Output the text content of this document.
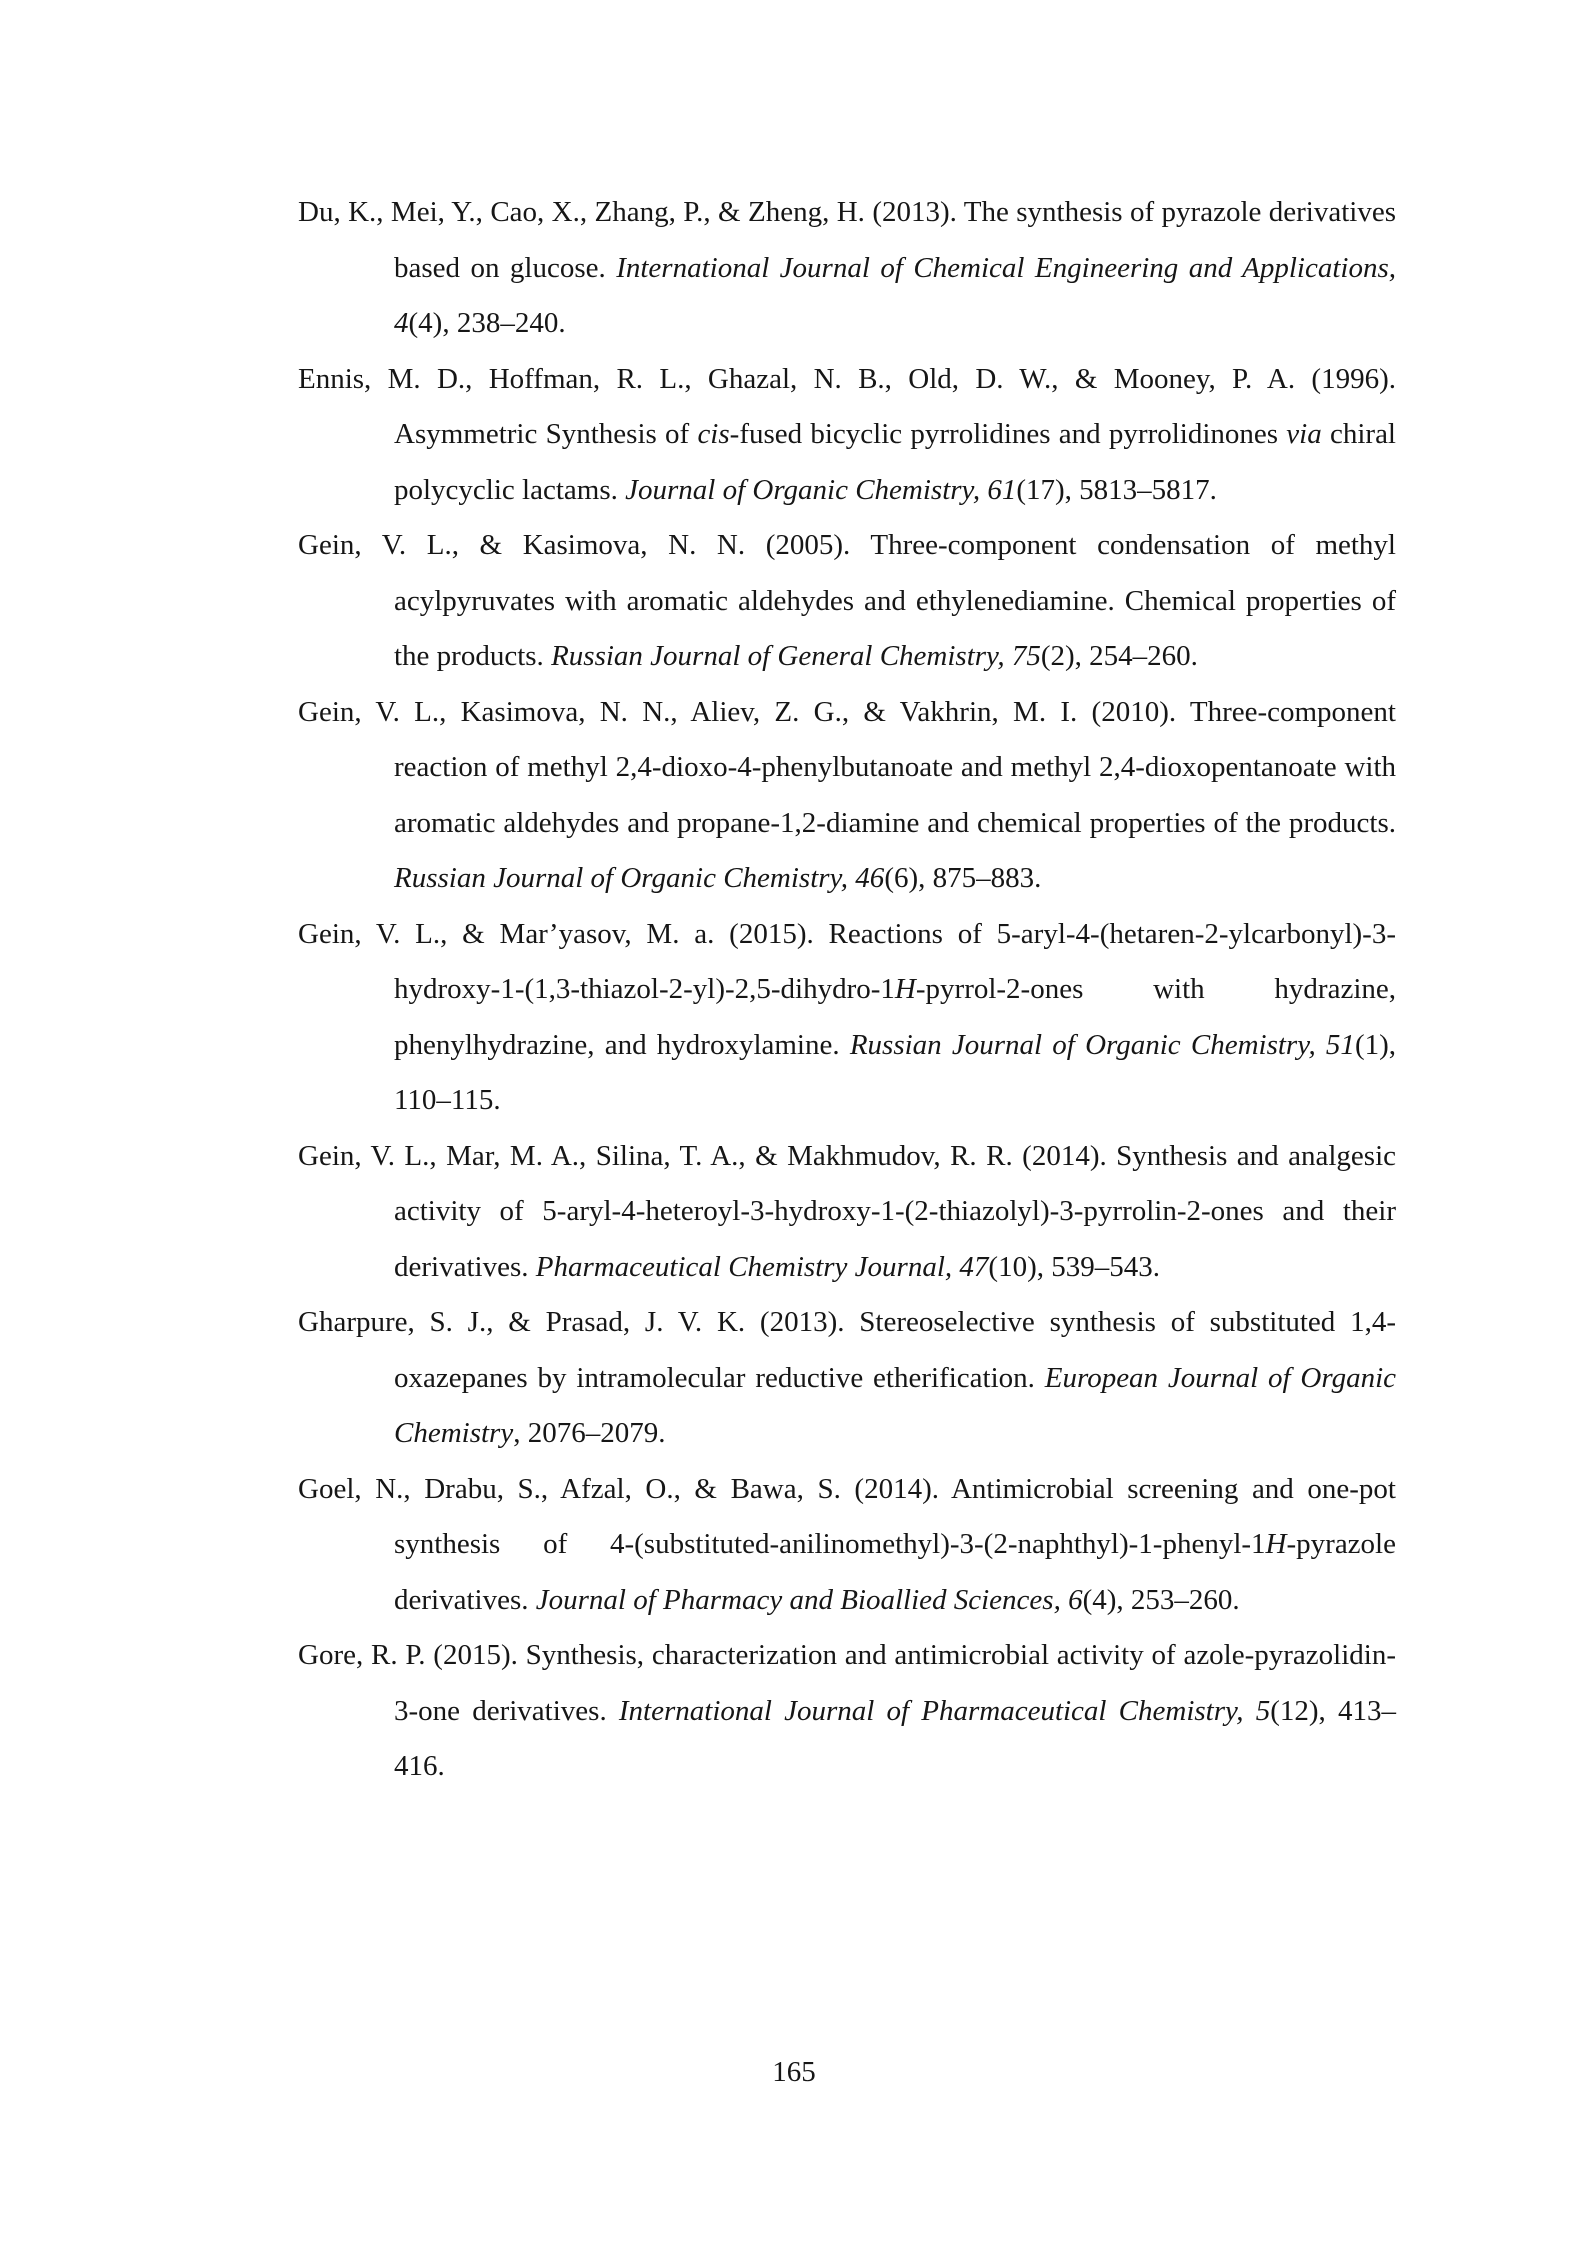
Du, K., Mei, Y., Cao, X., Zhang, P., & Zheng, H. (2013). The synthesis of pyrazole derivatives based on glucose. International Journal of Chemical Engineering and Applications, 4(4), 238–240.

Ennis, M. D., Hoffman, R. L., Ghazal, N. B., Old, D. W., & Mooney, P. A. (1996). Asymmetric Synthesis of cis-fused bicyclic pyrrolidines and pyrrolidinones via chiral polycyclic lactams. Journal of Organic Chemistry, 61(17), 5813–5817.

Gein, V. L., & Kasimova, N. N. (2005). Three-component condensation of methyl acylpyruvates with aromatic aldehydes and ethylenediamine. Chemical properties of the products. Russian Journal of General Chemistry, 75(2), 254–260.

Gein, V. L., Kasimova, N. N., Aliev, Z. G., & Vakhrin, M. I. (2010). Three-component reaction of methyl 2,4-dioxo-4-phenylbutanoate and methyl 2,4-dioxopentanoate with aromatic aldehydes and propane-1,2-diamine and chemical properties of the products. Russian Journal of Organic Chemistry, 46(6), 875–883.

Gein, V. L., & Mar’yasov, M. a. (2015). Reactions of 5-aryl-4-(hetaren-2-ylcarbonyl)-3-hydroxy-1-(1,3-thiazol-2-yl)-2,5-dihydro-1H-pyrrol-2-ones with hydrazine, phenylhydrazine, and hydroxylamine. Russian Journal of Organic Chemistry, 51(1), 110–115.

Gein, V. L., Mar, M. A., Silina, T. A., & Makhmudov, R. R. (2014). Synthesis and analgesic activity of 5-aryl-4-heteroyl-3-hydroxy-1-(2-thiazolyl)-3-pyrrolin-2-ones and their derivatives. Pharmaceutical Chemistry Journal, 47(10), 539–543.

Gharpure, S. J., & Prasad, J. V. K. (2013). Stereoselective synthesis of substituted 1,4-oxazepanes by intramolecular reductive etherification. European Journal of Organic Chemistry, 2076–2079.

Goel, N., Drabu, S., Afzal, O., & Bawa, S. (2014). Antimicrobial screening and one-pot synthesis of 4-(substituted-anilinomethyl)-3-(2-naphthyl)-1-phenyl-1H-pyrazole derivatives. Journal of Pharmacy and Bioallied Sciences, 6(4), 253–260.

Gore, R. P. (2015). Synthesis, characterization and antimicrobial activity of azole-pyrazolidin-3-one derivatives. International Journal of Pharmaceutical Chemistry, 5(12), 413–416.

165
